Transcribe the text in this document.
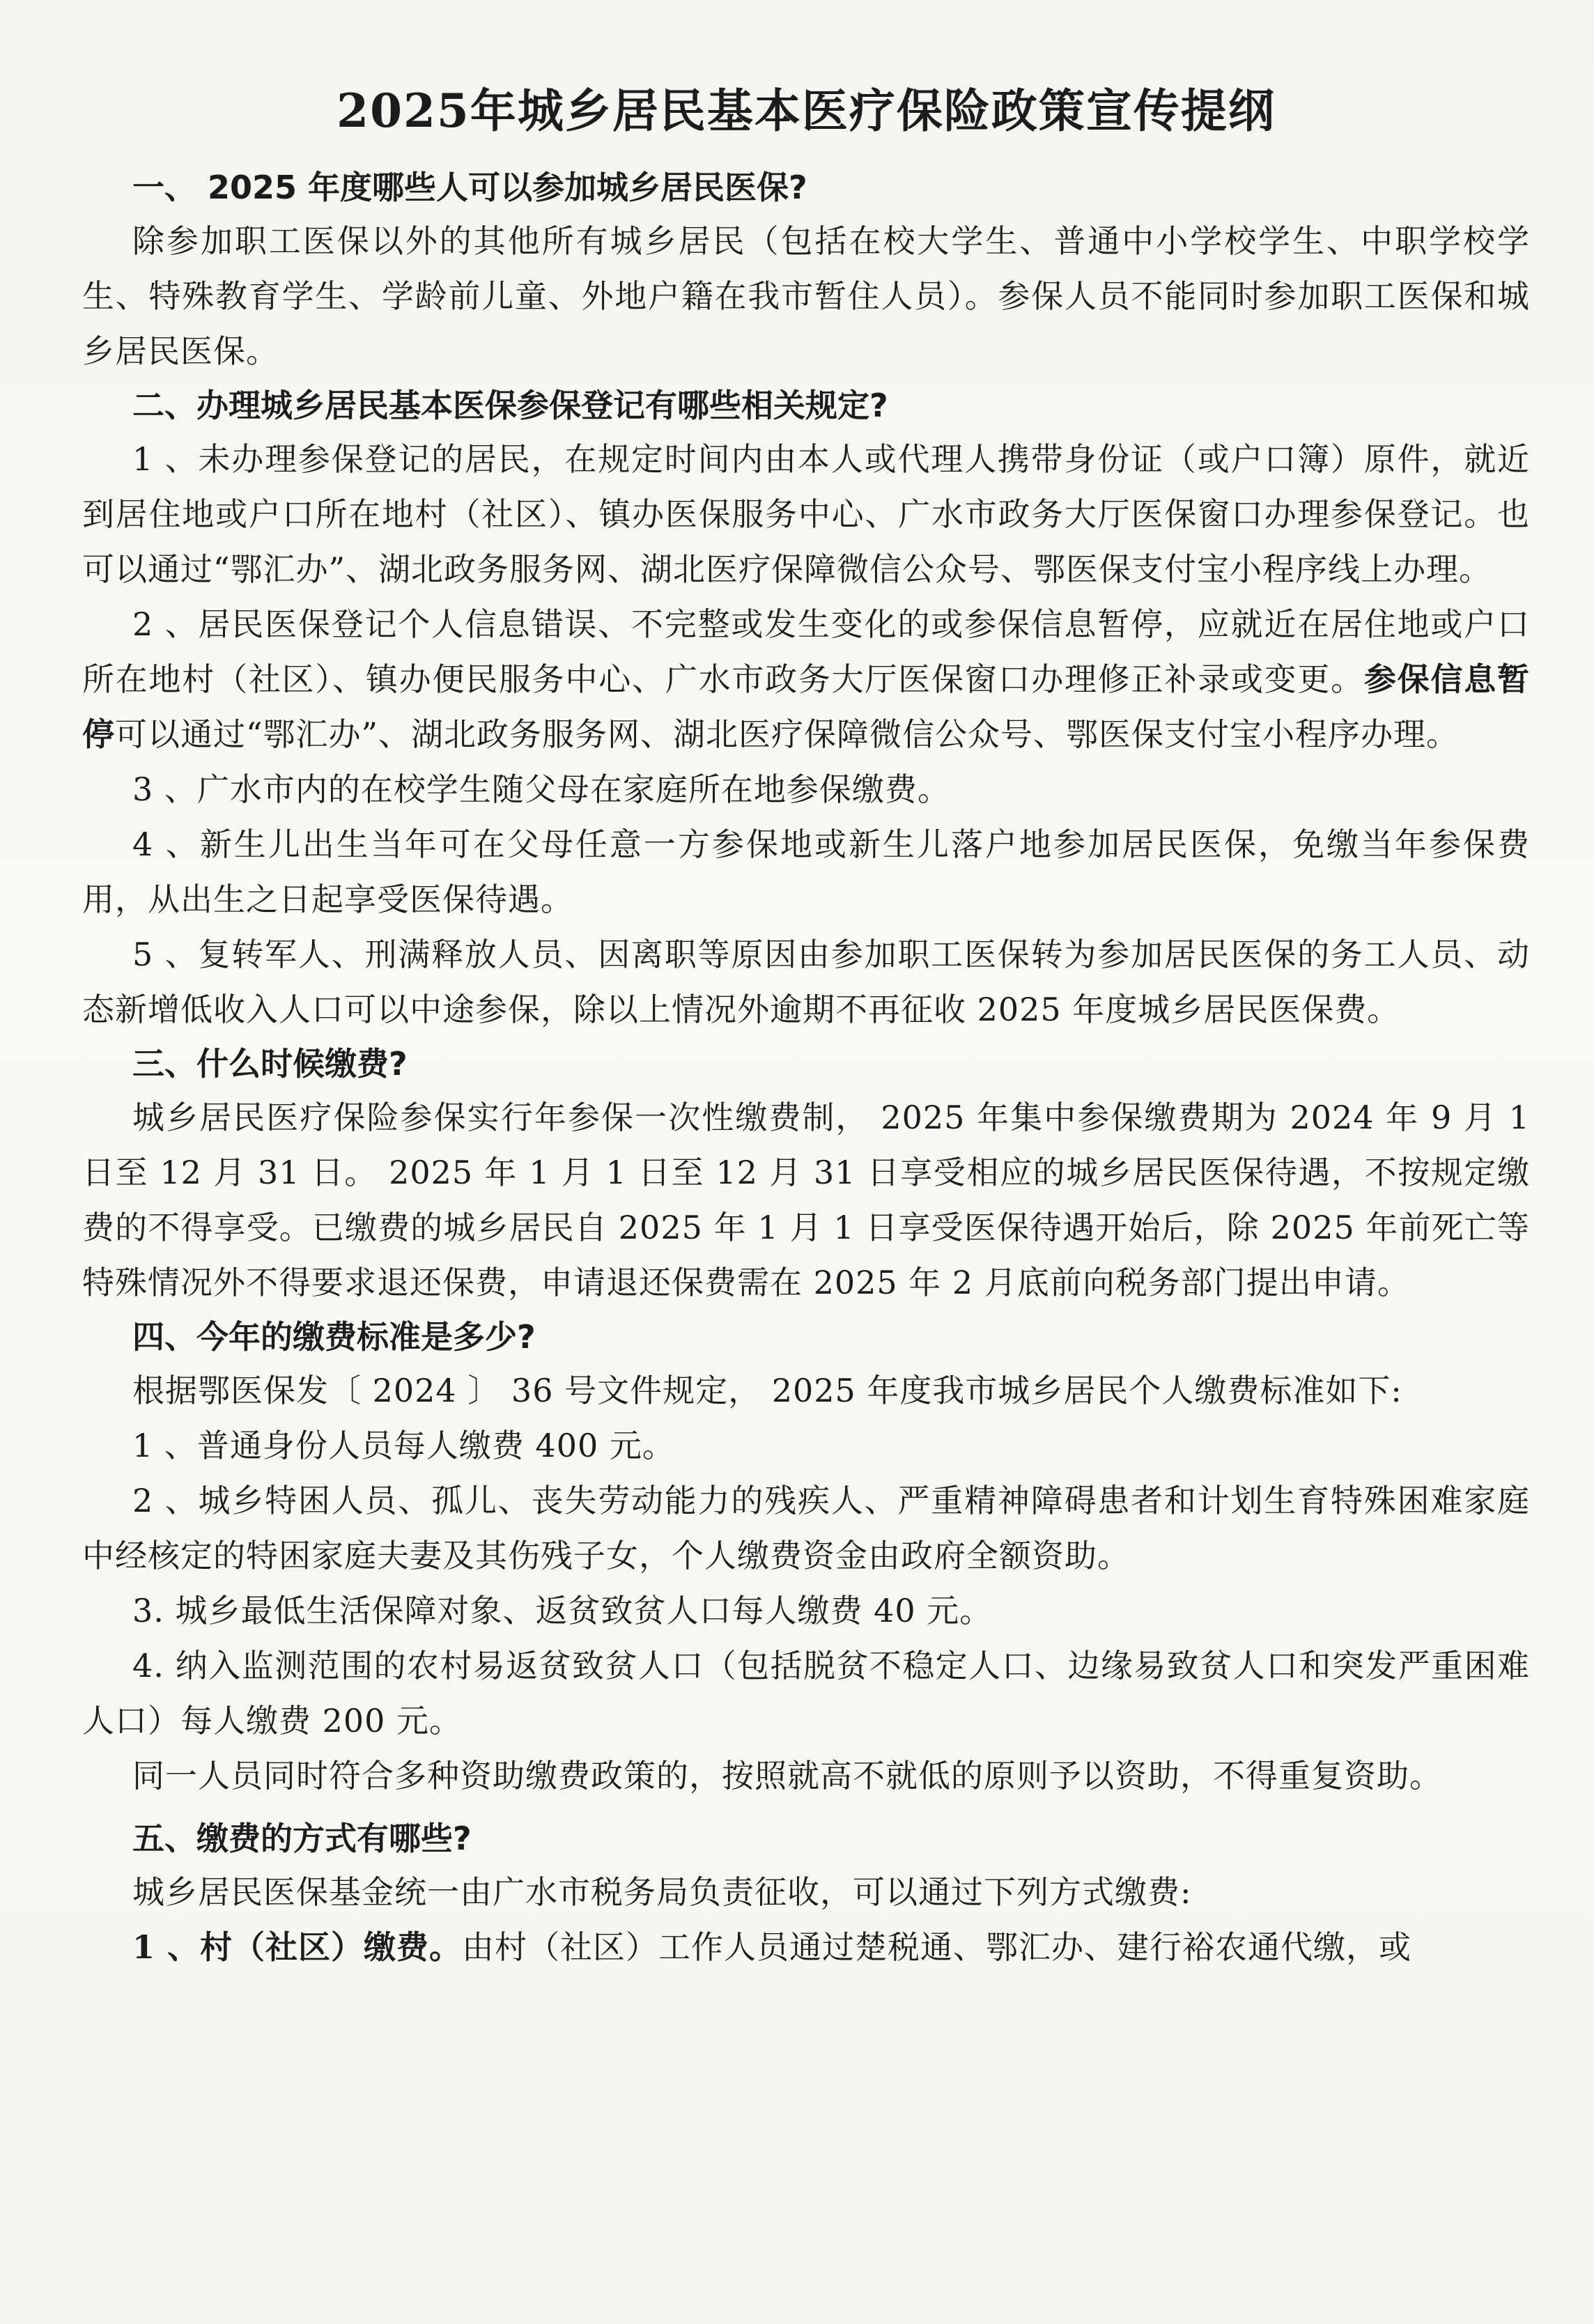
2025年城乡居民基本医疗保险政策宣传提纲

一、 2025 年度哪些人可以参加城乡居民医保?

除参加职工医保以外的其他所有城乡居民（包括在校大学生、普通中小学校学生、中职学校学生、特殊教育学生、学龄前儿童、外地户籍在我市暂住人员）。参保人员不能同时参加职工医保和城乡居民医保。

二、办理城乡居民基本医保参保登记有哪些相关规定?

1 、未办理参保登记的居民，在规定时间内由本人或代理人携带身份证（或户口簿）原件，就近到居住地或户口所在地村（社区）、镇办医保服务中心、广水市政务大厅医保窗口办理参保登记。也可以通过“鄂汇办”、湖北政务服务网、湖北医疗保障微信公众号、鄂医保支付宝小程序线上办理。

2 、居民医保登记个人信息错误、不完整或发生变化的或参保信息暂停，应就近在居住地或户口所在地村（社区）、镇办便民服务中心、广水市政务大厅医保窗口办理修正补录或变更。参保信息暂停可以通过“鄂汇办”、湖北政务服务网、湖北医疗保障微信公众号、鄂医保支付宝小程序办理。

3 、广水市内的在校学生随父母在家庭所在地参保缴费。

4 、新生儿出生当年可在父母任意一方参保地或新生儿落户地参加居民医保，免缴当年参保费用，从出生之日起享受医保待遇。

5 、复转军人、刑满释放人员、因离职等原因由参加职工医保转为参加居民医保的务工人员、动态新增低收入人口可以中途参保，除以上情况外逾期不再征收 2025 年度城乡居民医保费。

三、什么时候缴费?

城乡居民医疗保险参保实行年参保一次性缴费制， 2025 年集中参保缴费期为 2024 年 9 月 1 日至 12 月 31 日。 2025 年 1 月 1 日至 12 月 31 日享受相应的城乡居民医保待遇，不按规定缴费的不得享受。已缴费的城乡居民自 2025 年 1 月 1 日享受医保待遇开始后，除 2025 年前死亡等特殊情况外不得要求退还保费，申请退还保费需在 2025 年 2 月底前向税务部门提出申请。

四、今年的缴费标准是多少?

根据鄂医保发〔 2024 〕 36 号文件规定， 2025 年度我市城乡居民个人缴费标准如下:

1 、普通身份人员每人缴费 400 元。

2 、城乡特困人员、孤儿、丧失劳动能力的残疾人、严重精神障碍患者和计划生育特殊困难家庭中经核定的特困家庭夫妻及其伤残子女，个人缴费资金由政府全额资助。

3. 城乡最低生活保障对象、返贫致贫人口每人缴费 40 元。

4. 纳入监测范围的农村易返贫致贫人口（包括脱贫不稳定人口、边缘易致贫人口和突发严重困难人口）每人缴费 200 元。

同一人员同时符合多种资助缴费政策的，按照就高不就低的原则予以资助，不得重复资助。

五、缴费的方式有哪些?

城乡居民医保基金统一由广水市税务局负责征收，可以通过下列方式缴费:

1 、村（社区）缴费。由村（社区）工作人员通过楚税通、鄂汇办、建行裕农通代缴，或
